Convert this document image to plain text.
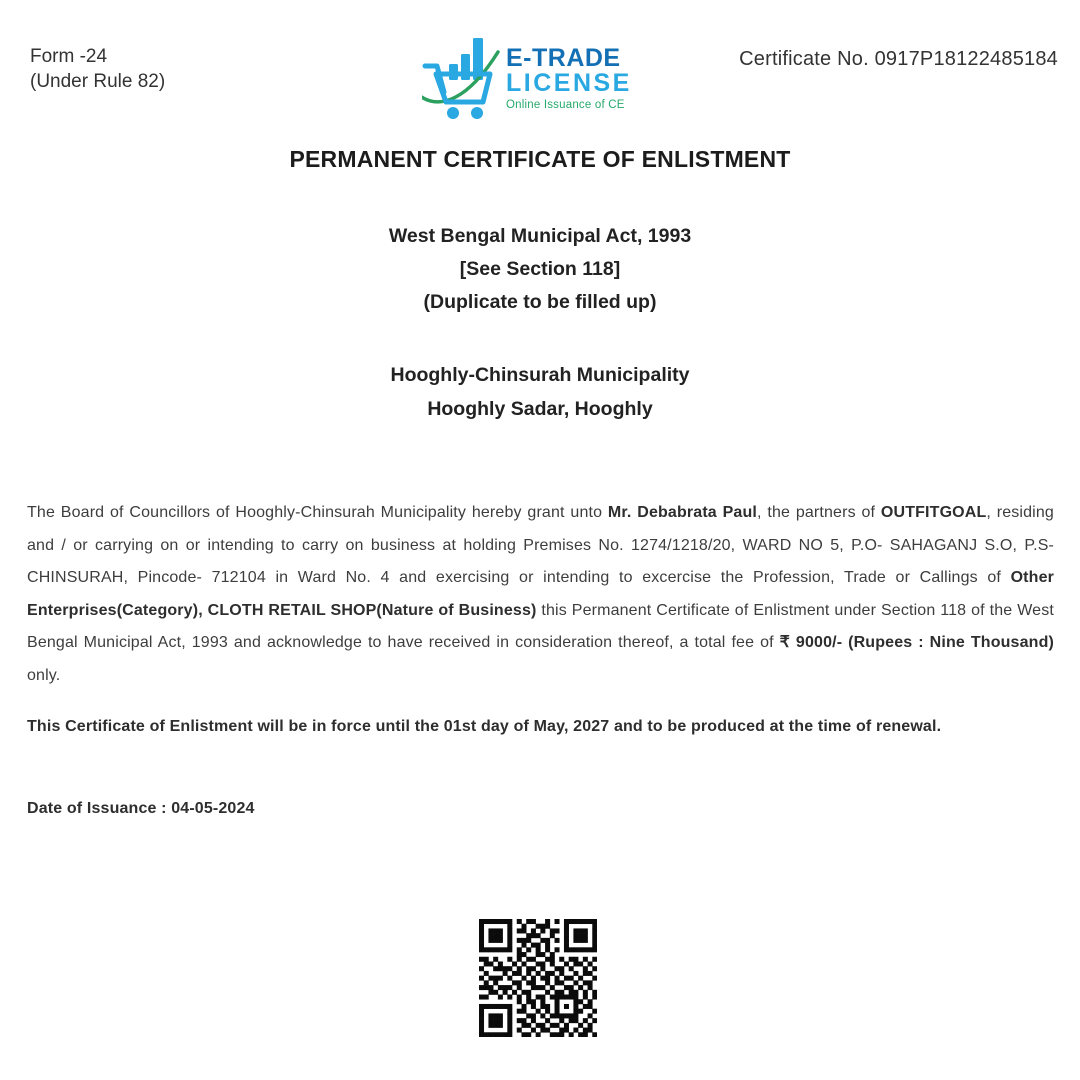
Form -24
(Under Rule 82)
E-TRADE
LICENSE
Online Issuance of CE
Certificate No. 0917P18122485184
PERMANENT CERTIFICATE OF ENLISTMENT
West Bengal Municipal Act, 1993
[See Section 118]
(Duplicate to be filled up)
Hooghly-Chinsurah Municipality
Hooghly Sadar, Hooghly

The Board of Councillors of Hooghly-Chinsurah Municipality hereby grant unto Mr. Debabrata Paul, the partners of OUTFITGOAL, residing and / or carrying on or intending to carry on business at holding Premises No. 1274/1218/20, WARD NO 5, P.O- SAHAGANJ S.O, P.S- CHINSURAH, Pincode- 712104 in Ward No. 4 and exercising or intending to excercise the Profession, Trade or Callings of Other Enterprises(Category), CLOTH RETAIL SHOP(Nature of Business) this Permanent Certificate of Enlistment under Section 118 of the West Bengal Municipal Act, 1993 and acknowledge to have received in consideration thereof, a total fee of ₹ 9000/- (Rupees : Nine Thousand) only.

This Certificate of Enlistment will be in force until the 01st day of May, 2027 and to be produced at the time of renewal.

Date of Issuance : 04-05-2024
